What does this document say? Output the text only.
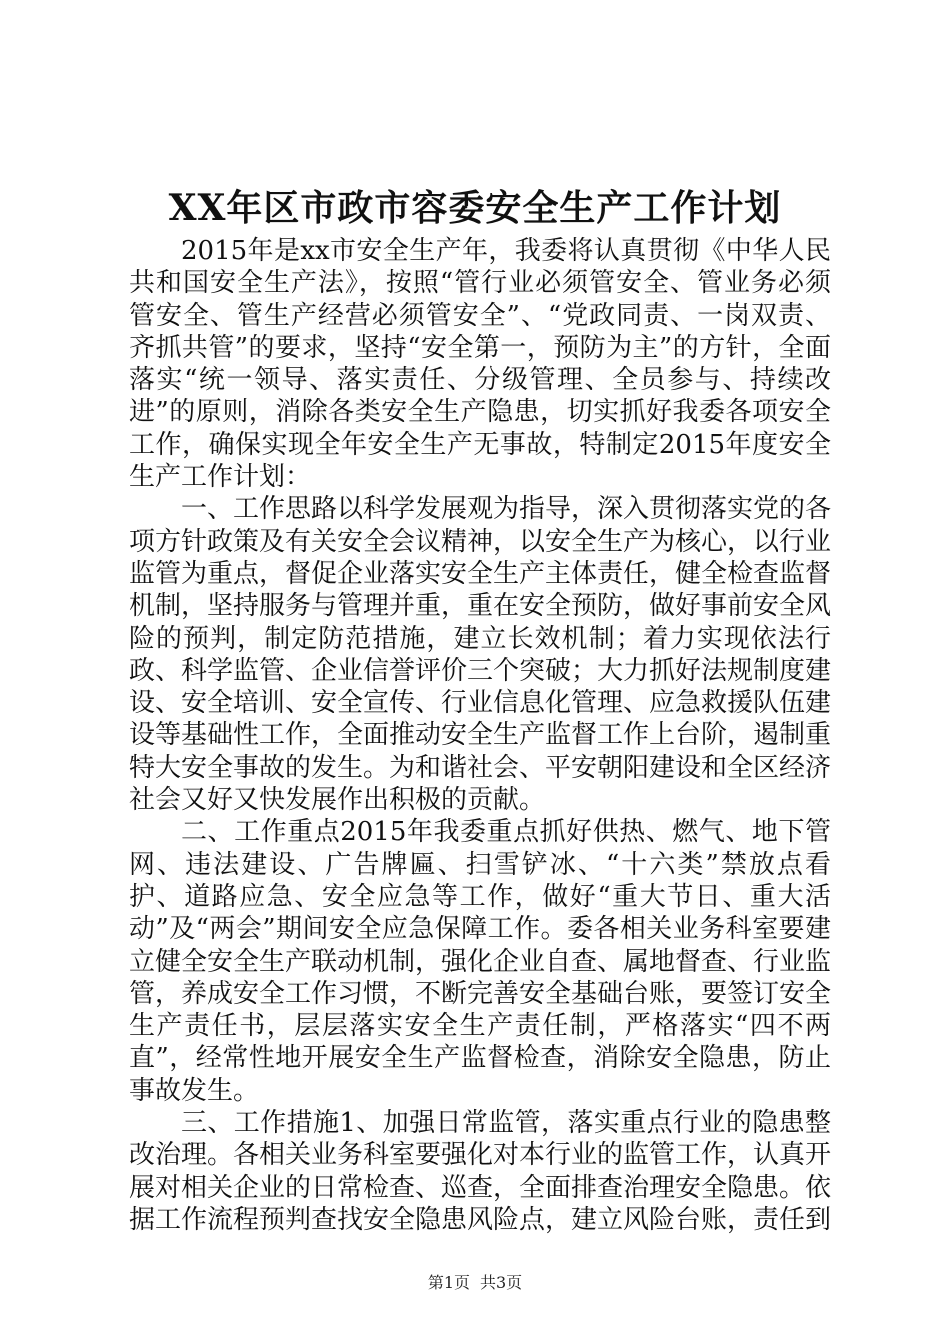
XX年区市政市容委安全生产工作计划

2015年是xx市安全生产年，我委将认真贯彻《中华人民共和国安全生产法》，按照“管行业必须管安全、管业务必须管安全、管生产经营必须管安全”、“党政同责、一岗双责、齐抓共管”的要求，坚持“安全第一，预防为主”的方针，全面落实“统一领导、落实责任、分级管理、全员参与、持续改进”的原则，消除各类安全生产隐患，切实抓好我委各项安全工作，确保实现全年安全生产无事故，特制定2015年度安全生产工作计划：

一、工作思路以科学发展观为指导，深入贯彻落实党的各项方针政策及有关安全会议精神，以安全生产为核心，以行业监管为重点，督促企业落实安全生产主体责任，健全检查监督机制，坚持服务与管理并重，重在安全预防，做好事前安全风险的预判，制定防范措施，建立长效机制；着力实现依法行政、科学监管、企业信誉评价三个突破；大力抓好法规制度建设、安全培训、安全宣传、行业信息化管理、应急救援队伍建设等基础性工作，全面推动安全生产监督工作上台阶，遏制重特大安全事故的发生。为和谐社会、平安朝阳建设和全区经济社会又好又快发展作出积极的贡献。

二、工作重点2015年我委重点抓好供热、燃气、地下管网、违法建设、广告牌匾、扫雪铲冰、“十六类”禁放点看护、道路应急、安全应急等工作，做好“重大节日、重大活动”及“两会”期间安全应急保障工作。委各相关业务科室要建立健全安全生产联动机制，强化企业自查、属地督查、行业监管，养成安全工作习惯，不断完善安全基础台账，要签订安全生产责任书，层层落实安全生产责任制，严格落实“四不两直”，经常性地开展安全生产监督检查，消除安全隐患，防止事故发生。

三、工作措施1、加强日常监管，落实重点行业的隐患整改治理。各相关业务科室要强化对本行业的监管工作，认真开展对相关企业的日常检查、巡查，全面排查治理安全隐患。依据工作流程预判查找安全隐患风险点，建立风险台账，责任到

第1页 共3页
